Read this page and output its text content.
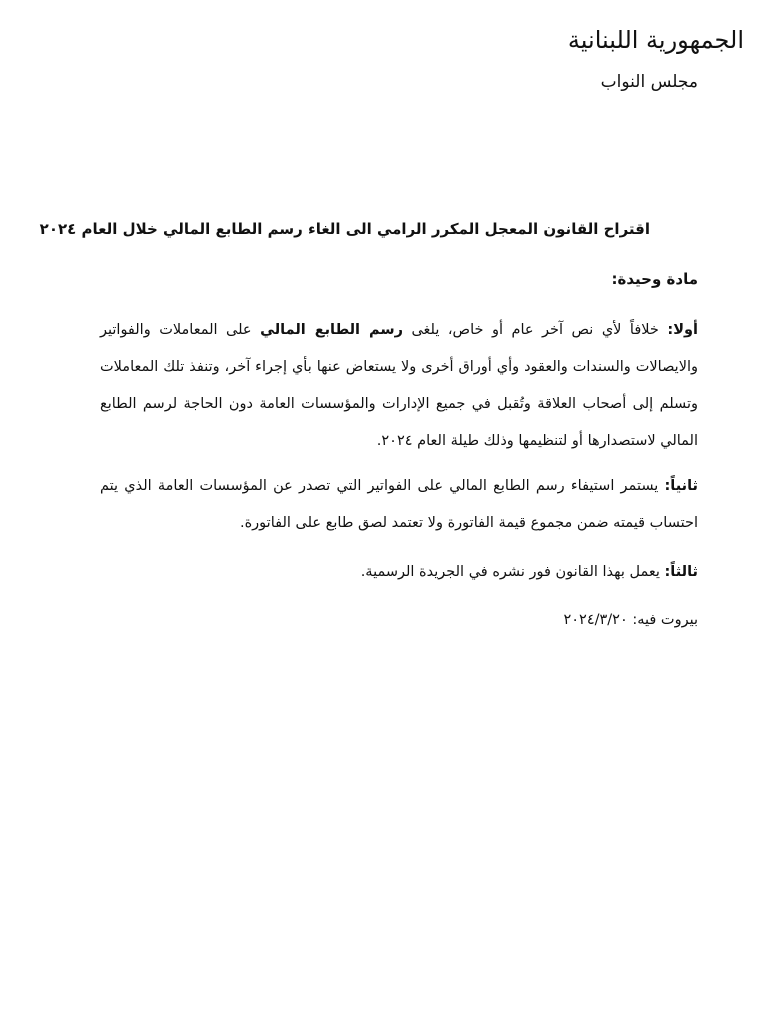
الجمهورية اللبنانية
مجلس النواب
اقتراح القانون المعجل المكرر الرامي الى الغاء رسم الطابع المالي خلال العام ٢٠٢٤
مادة وحيدة:
أولا: خلافاً لأي نص آخر عام أو خاص، يلغى رسم الطابع المالي على المعاملات والفواتير والايصالات والسندات والعقود وأي أوراق أخرى ولا يستعاض عنها بأي إجراء آخر، وتنفذ تلك المعاملات وتسلم إلى أصحاب العلاقة وتُقبل في جميع الإدارات والمؤسسات العامة دون الحاجة لرسم الطابع المالي لاستصدارها أو لتنظيمها وذلك طيلة العام ٢٠٢٤.
ثانياً: يستمر استيفاء رسم الطابع المالي على الفواتير التي تصدر عن المؤسسات العامة الذي يتم احتساب قيمته ضمن مجموع قيمة الفاتورة ولا تعتمد لصق طابع على الفاتورة.
ثالثاً: يعمل بهذا القانون فور نشره في الجريدة الرسمية.
بيروت فيه: ٢٠٢٤/٣/٢٠
